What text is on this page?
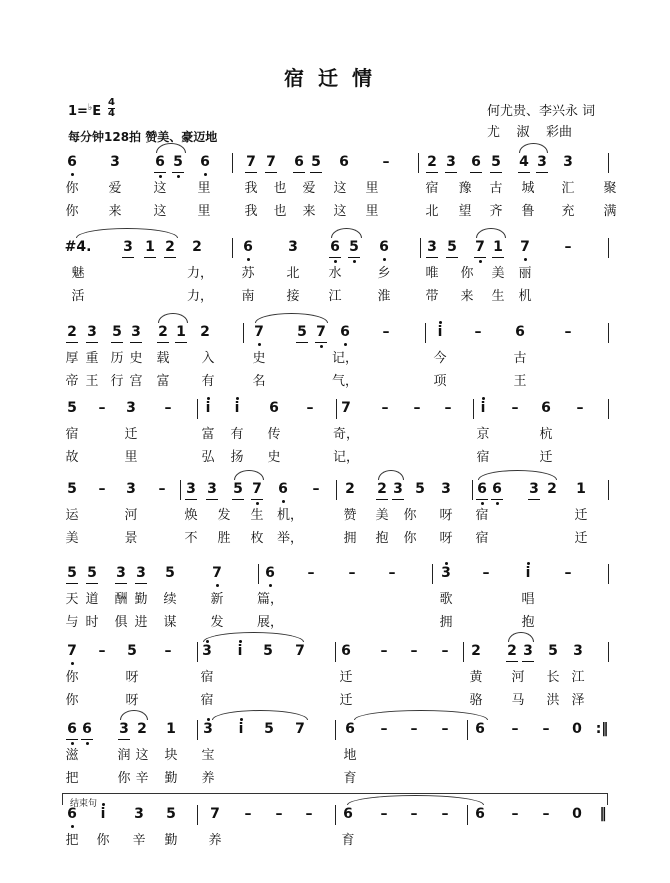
宿迁情
1=♭E
4
4
每分钟128拍 赞美、豪迈地
何尤贵、李兴永 词
尤    淑    彩曲
6 3	6 5 6	7 7 6 5 6 –	2 3 6 5 4 3 3
你 爱 这 里	我 也 爱 这 里	宿 豫 古 城 汇 聚
你 来 这 里	我 也 来 这 里	北 望 齐 鲁 充 满
#4. 3 1 2 2	6	3 6 5 6	3 5 7 1 7 –
魅	力， 苏 北 水	乡	唯 你 美 丽
活	力， 南 接 江	淮	带 来 生 机
2 3 5 3 2 1 2	7 5 7 6 –	i – 6	–
厚 重 历 史 载 入	史	记，	今	古
帝 王 行 宫 富 有	名	气，	项	王
5 – 3 – i i 6 – 7 – – – i – 6 –
宿	迁	富 有 传	奇，	京	杭
故	里	弘 扬 史	记，	宿	迁
5 – 3 – 3 3 5 7 6 – 2 2 3 5 3 6 6 3 2 1
运	河	焕 发 生 机，	赞 美 你 呀 宿	迁
美	景	不 胜 枚 举，	拥 抱 你 呀 宿	迁
5 5 3 3 5	7	6 – – –	3 –	i –
天 道 酬 勤 续	新	篇，	歌	唱
与 时 俱 进 谋	发	展，	拥	抱
7 – 5 – 3 i 5 7	6 – – – 2 2 3 5 3
你	呀	宿	迁	黄 河 长 江
你	呀	宿	迁	骆 马 洪 泽
6 6 3 2 1 3 i 5 7	6 – – – 6 – – 0 :‖
滋	润 这 块 宝	地
把	你 辛 勤 养	育
6 i 3 5 7 – – – 6 – – – 6 – – 0 ‖
把 你 辛 勤 养	育
结束句
